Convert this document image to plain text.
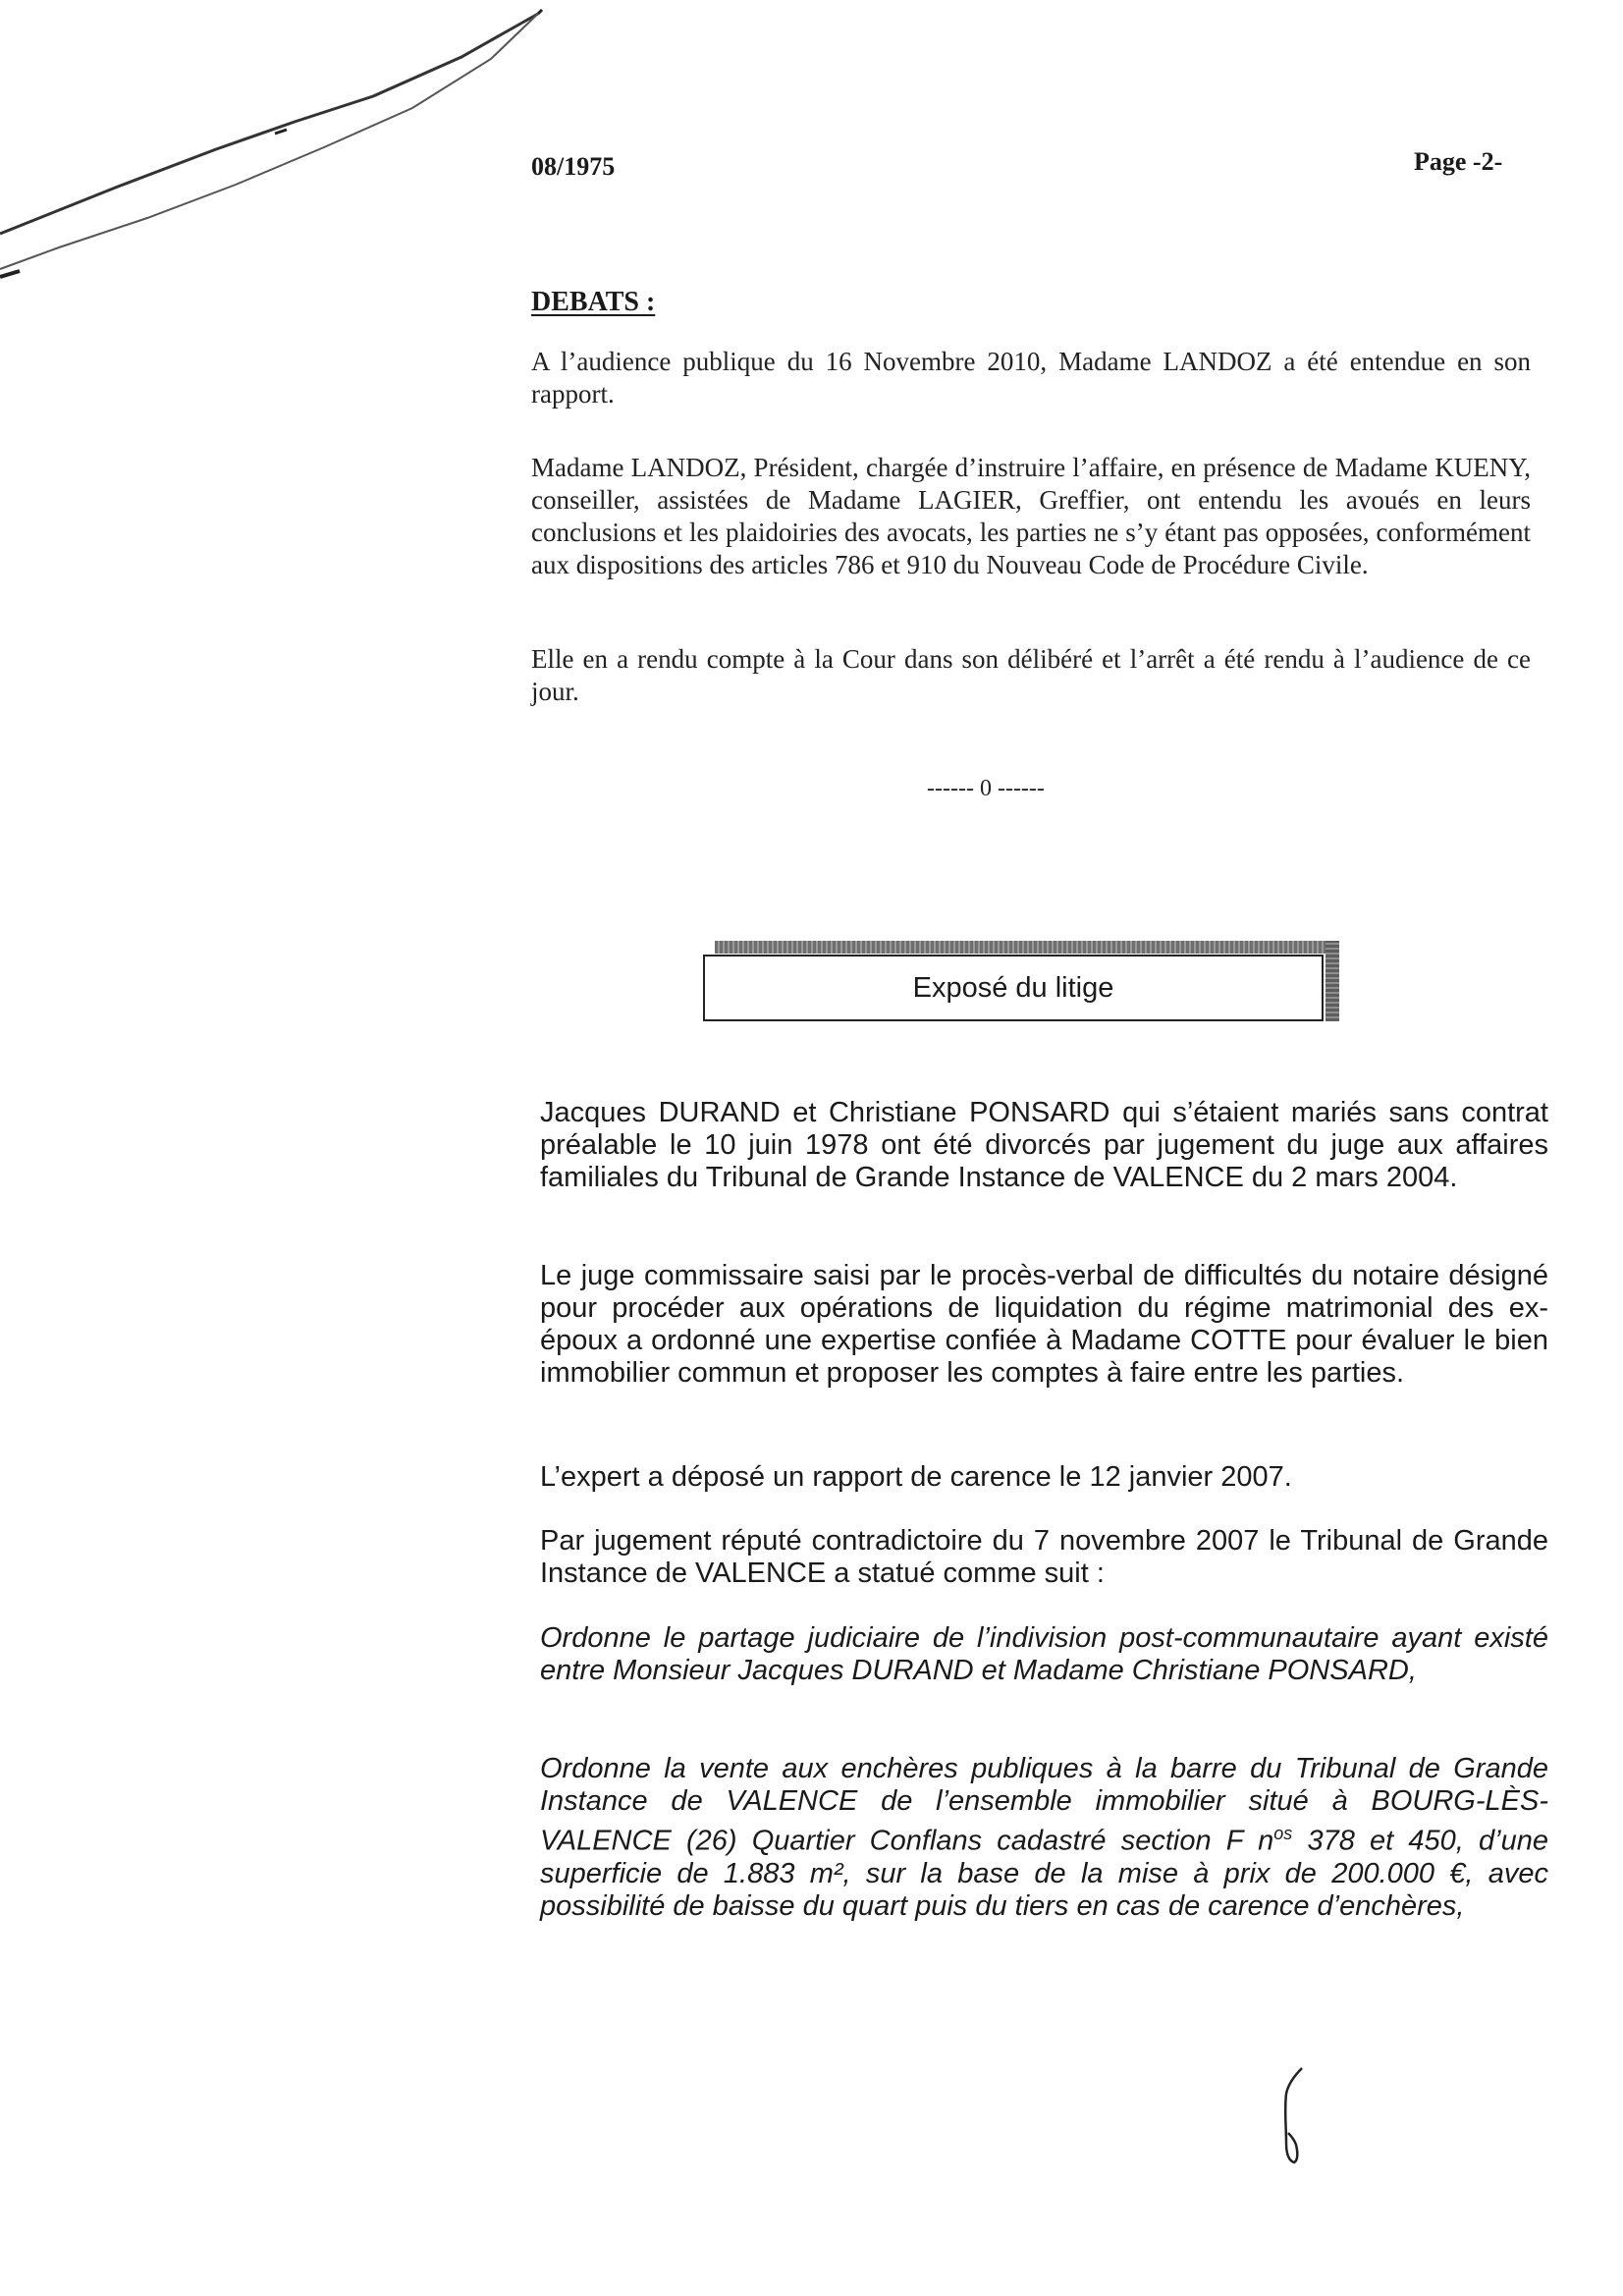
08/1975	Page -2-
DEBATS :
A l’audience publique du 16 Novembre 2010, Madame LANDOZ a été entendue en son rapport.
Madame LANDOZ, Président, chargée d’instruire l’affaire, en présence de Madame KUENY, conseiller, assistées de Madame LAGIER, Greffier, ont entendu les avoués en leurs conclusions et les plaidoiries des avocats, les parties ne s’y étant pas opposées, conformément aux dispositions des articles 786 et 910 du Nouveau Code de Procédure Civile.
Elle en a rendu compte à la Cour dans son délibéré et l’arrêt a été rendu à l’audience de ce jour.
------ 0 ------
Exposé du litige
Jacques DURAND et Christiane PONSARD qui s’étaient mariés sans contrat préalable le 10 juin 1978 ont été divorcés par jugement du juge aux affaires familiales du Tribunal de Grande Instance de VALENCE du 2 mars 2004.
Le juge commissaire saisi par le procès-verbal de difficultés du notaire désigné pour procéder aux opérations de liquidation du régime matrimonial des ex-époux a ordonné une expertise confiée à Madame COTTE pour évaluer le bien immobilier commun et proposer les comptes à faire entre les parties.
L’expert a déposé un rapport de carence le 12 janvier 2007.
Par jugement réputé contradictoire du 7 novembre 2007 le Tribunal de Grande Instance de VALENCE a statué comme suit :
Ordonne le partage judiciaire de l’indivision post-communautaire ayant existé entre Monsieur Jacques DURAND et Madame Christiane PONSARD,
Ordonne la vente aux enchères publiques à la barre du Tribunal de Grande Instance de VALENCE de l’ensemble immobilier situé à BOURG-LÈS-VALENCE (26) Quartier Conflans cadastré section F $n^{os}$ 378 et 450, d’une superficie de 1.883 m², sur la base de la mise à prix de 200.000 €, avec possibilité de baisse du quart puis du tiers en cas de carence d’enchères,
